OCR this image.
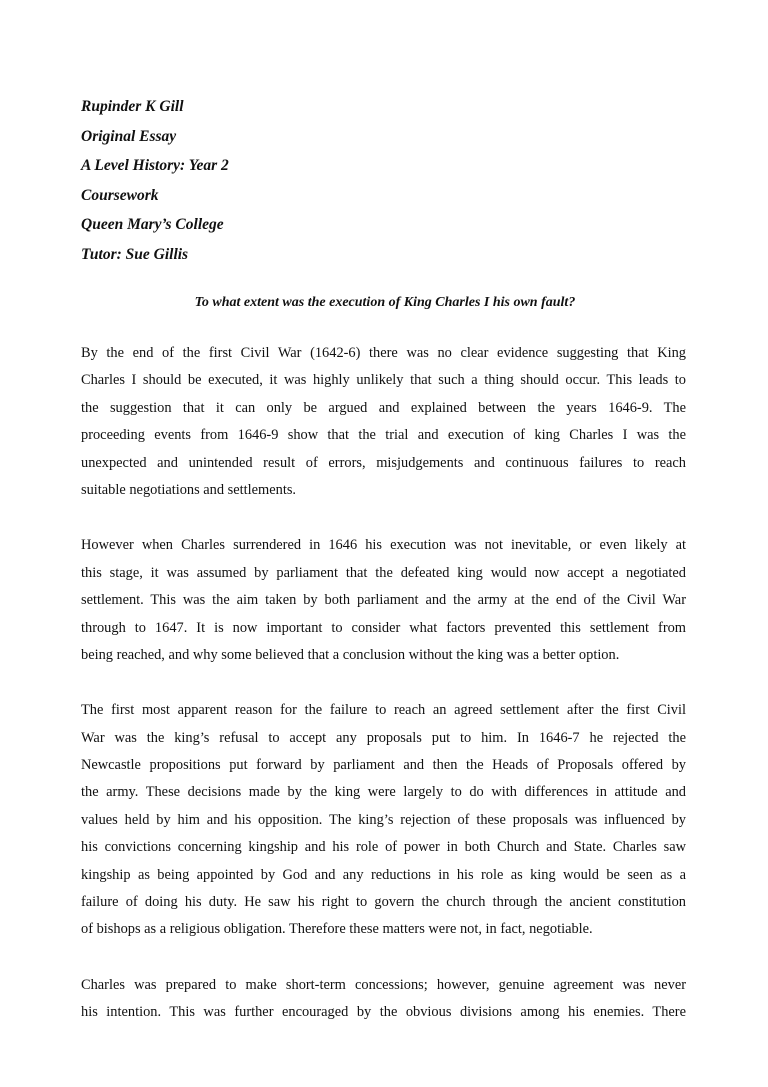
Rupinder K Gill
Original Essay
A Level History: Year 2
Coursework
Queen Mary’s College
Tutor: Sue Gillis
To what extent was the execution of King Charles I his own fault?
By the end of the first Civil War (1642-6) there was no clear evidence suggesting that King
Charles I should be executed, it was highly unlikely that such a thing should occur. This leads to
the suggestion that it can only be argued and explained between the years 1646-9. The
proceeding events from 1646-9 show that the trial and execution of king Charles I was the
unexpected and unintended result of errors, misjudgements and continuous failures to reach
suitable negotiations and settlements.
However when Charles surrendered in 1646 his execution was not inevitable, or even likely at
this stage, it was assumed by parliament that the defeated king would now accept a negotiated
settlement. This was the aim taken by both parliament and the army at the end of the Civil War
through to 1647. It is now important to consider what factors prevented this settlement from
being reached, and why some believed that a conclusion without the king was a better option.
The first most apparent reason for the failure to reach an agreed settlement after the first Civil
War was the king’s refusal to accept any proposals put to him. In 1646-7 he rejected the
Newcastle propositions put forward by parliament and then the Heads of Proposals offered by
the army. These decisions made by the king were largely to do with differences in attitude and
values held by him and his opposition. The king’s rejection of these proposals was influenced by
his convictions concerning kingship and his role of power in both Church and State. Charles saw
kingship as being appointed by God and any reductions in his role as king would be seen as a
failure of doing his duty. He saw his right to govern the church through the ancient constitution
of bishops as a religious obligation. Therefore these matters were not, in fact, negotiable.
Charles was prepared to make short-term concessions; however, genuine agreement was never
his intention. This was further encouraged by the obvious divisions among his enemies. There
